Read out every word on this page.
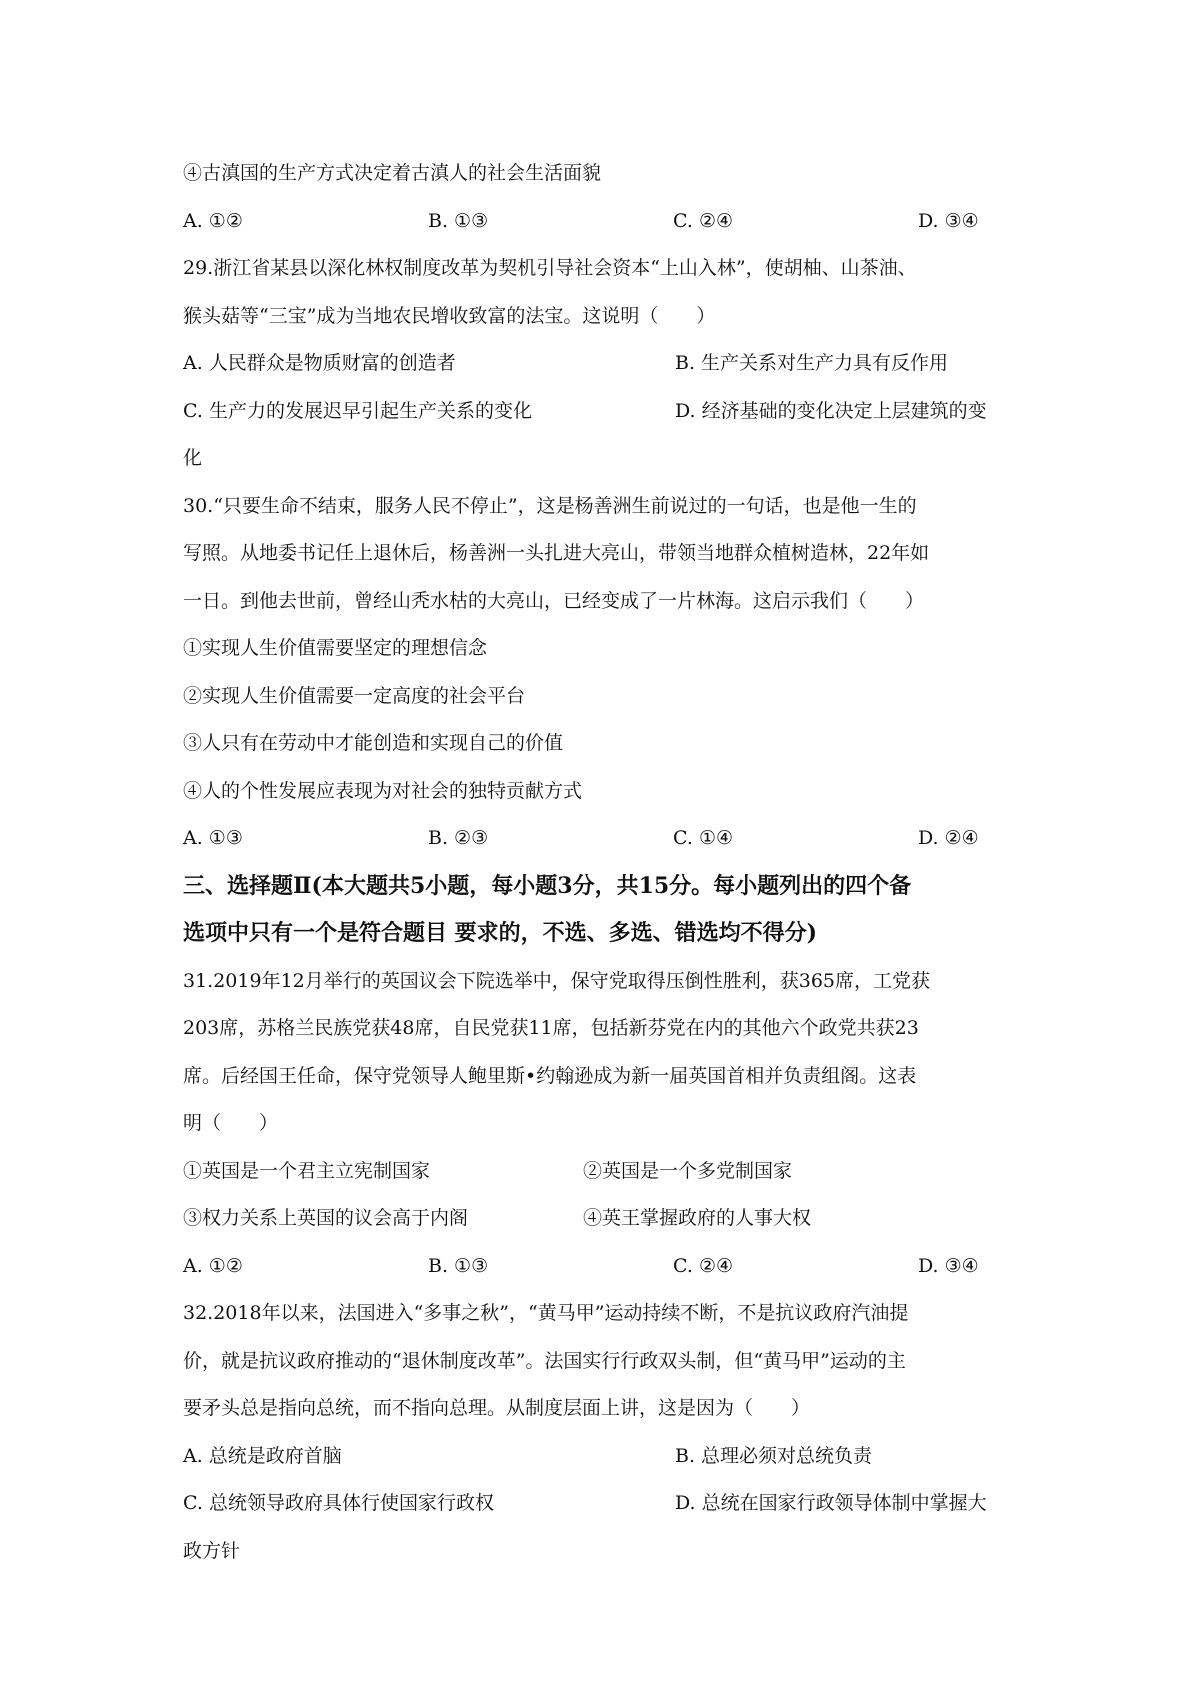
④古滇国的生产方式决定着古滇人的社会生活面貌
A. ①②	B. ①③	C. ②④	D. ③④
29.浙江省某县以深化林权制度改革为契机引导社会资本“上山入林”，使胡柚、山茶油、
猴头菇等“三宝”成为当地农民增收致富的法宝。这说明（　　）
A. 人民群众是物质财富的创造者	B. 生产关系对生产力具有反作用
C. 生产力的发展迟早引起生产关系的变化	D. 经济基础的变化决定上层建筑的变
化
30.“只要生命不结束，服务人民不停止”，这是杨善洲生前说过的一句话，也是他一生的
写照。从地委书记任上退休后，杨善洲一头扎进大亮山，带领当地群众植树造林，22年如
一日。到他去世前，曾经山秃水枯的大亮山，已经变成了一片林海。这启示我们（　　）
①实现人生价值需要坚定的理想信念
②实现人生价值需要一定高度的社会平台
③人只有在劳动中才能创造和实现自己的价值
④人的个性发展应表现为对社会的独特贡献方式
A. ①③	B. ②③	C. ①④	D. ②④
三、选择题Ⅱ(本大题共5小题，每小题3分，共15分。每小题列出的四个备
选项中只有一个是符合题目 要求的，不选、多选、错选均不得分)
31.2019年12月举行的英国议会下院选举中，保守党取得压倒性胜利，获365席，工党获
203席，苏格兰民族党获48席，自民党获11席，包括新芬党在内的其他六个政党共获23
席。后经国王任命，保守党领导人鲍里斯•约翰逊成为新一届英国首相并负责组阁。这表
明（　　）
①英国是一个君主立宪制国家	②英国是一个多党制国家
③权力关系上英国的议会高于内阁	④英王掌握政府的人事大权
A. ①②	B. ①③	C. ②④	D. ③④
32.2018年以来，法国进入“多事之秋”，“黄马甲”运动持续不断，不是抗议政府汽油提
价，就是抗议政府推动的“退休制度改革”。法国实行行政双头制，但“黄马甲”运动的主
要矛头总是指向总统，而不指向总理。从制度层面上讲，这是因为（　　）
A. 总统是政府首脑	B. 总理必须对总统负责
C. 总统领导政府具体行使国家行政权	D. 总统在国家行政领导体制中掌握大
政方针
